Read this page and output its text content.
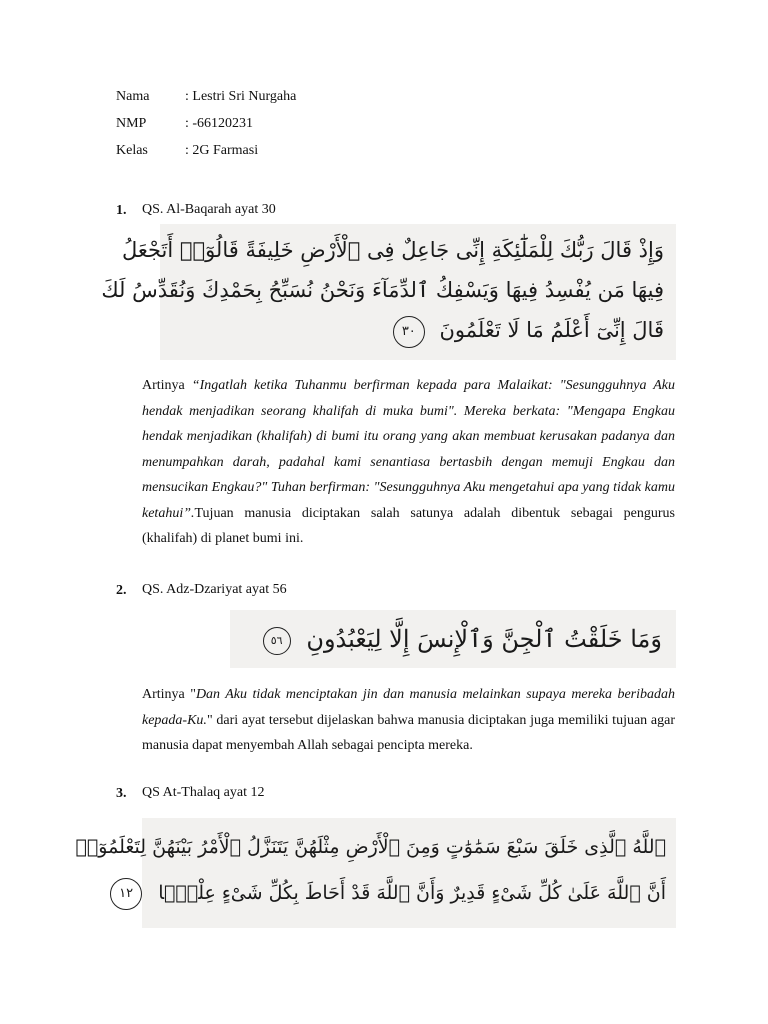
Nama	: Lestri Sri Nurgaha
NMP	: -66120231
Kelas	: 2G Farmasi
1. QS. Al-Baqarah ayat 30
وَإِذْ قَالَ رَبُّكَ لِلْمَلَٰٓئِكَةِ إِنِّى جَاعِلٌ فِى ٱلْأَرْضِ خَلِيفَةً قَالُوٓا۟ أَتَجْعَلُ
فِيهَا مَن يُفْسِدُ فِيهَا وَيَسْفِكُ ٱلدِّمَآءَ وَنَحْنُ نُسَبِّحُ بِحَمْدِكَ وَنُقَدِّسُ لَكَ
قَالَ إِنِّىٓ أَعْلَمُ مَا لَا تَعْلَمُونَ ٣٠

Artinya “Ingatlah ketika Tuhanmu berfirman kepada para Malaikat: "Sesungguhnya Aku hendak menjadikan seorang khalifah di muka bumi". Mereka berkata: "Mengapa Engkau hendak menjadikan (khalifah) di bumi itu orang yang akan membuat kerusakan padanya dan menumpahkan darah, padahal kami senantiasa bertasbih dengan memuji Engkau dan mensucikan Engkau?" Tuhan berfirman: "Sesungguhnya Aku mengetahui apa yang tidak kamu ketahui”.Tujuan manusia diciptakan salah satunya adalah dibentuk sebagai pengurus (khalifah) di planet bumi ini.

2. QS. Adz-Dzariyat ayat 56
وَمَا خَلَقْتُ ٱلْجِنَّ وَٱلْإِنسَ إِلَّا لِيَعْبُدُونِ ٥٦

Artinya "Dan Aku tidak menciptakan jin dan manusia melainkan supaya mereka beribadah kepada-Ku." dari ayat tersebut dijelaskan bahwa manusia diciptakan juga memiliki tujuan agar manusia dapat menyembah Allah sebagai pencipta mereka.

3. QS At-Thalaq ayat 12
ٱللَّهُ ٱلَّذِى خَلَقَ سَبْعَ سَمَٰوَٰتٍ وَمِنَ ٱلْأَرْضِ مِثْلَهُنَّ يَتَنَزَّلُ ٱلْأَمْرُ بَيْنَهُنَّ لِتَعْلَمُوٓا۟
أَنَّ ٱللَّهَ عَلَىٰ كُلِّ شَىْءٍ قَدِيرٌ وَأَنَّ ٱللَّهَ قَدْ أَحَاطَ بِكُلِّ شَىْءٍ عِلْمًۢا ١٢
